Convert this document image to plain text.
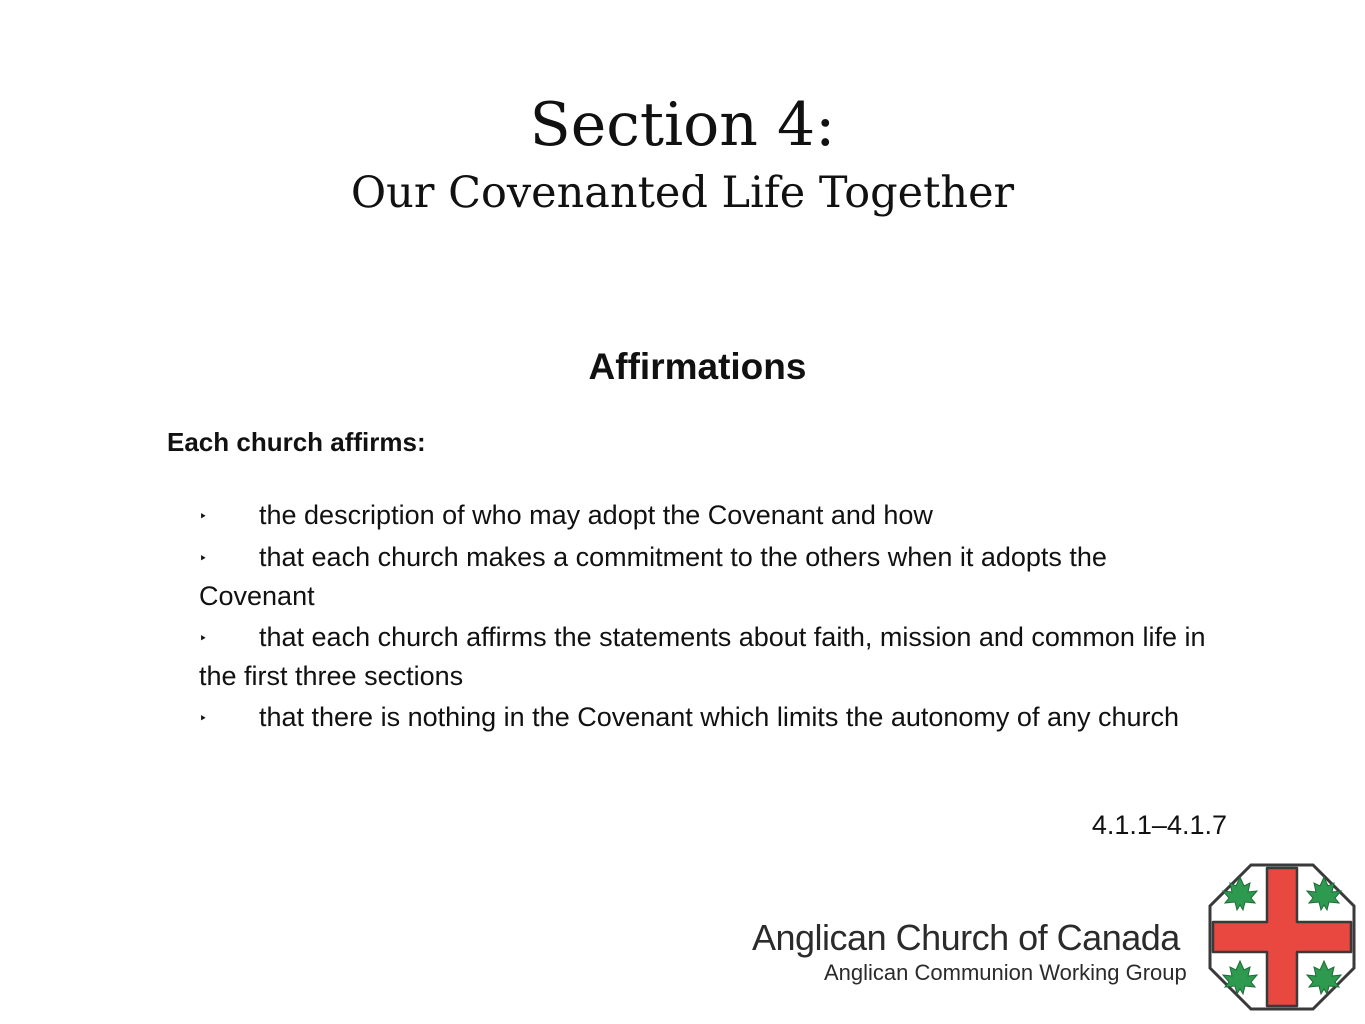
Section 4:
Our Covenanted Life Together
Affirmations
Each church affirms:
‣ the description of who may adopt the Covenant and how
‣ that each church makes a commitment to the others when it adopts the Covenant
‣ that each church affirms the statements about faith, mission and common life in the first three sections
‣ that there is nothing in the Covenant which limits the autonomy of any church
4.1.1–4.1.7
Anglican Church of Canada
Anglican Communion Working Group
